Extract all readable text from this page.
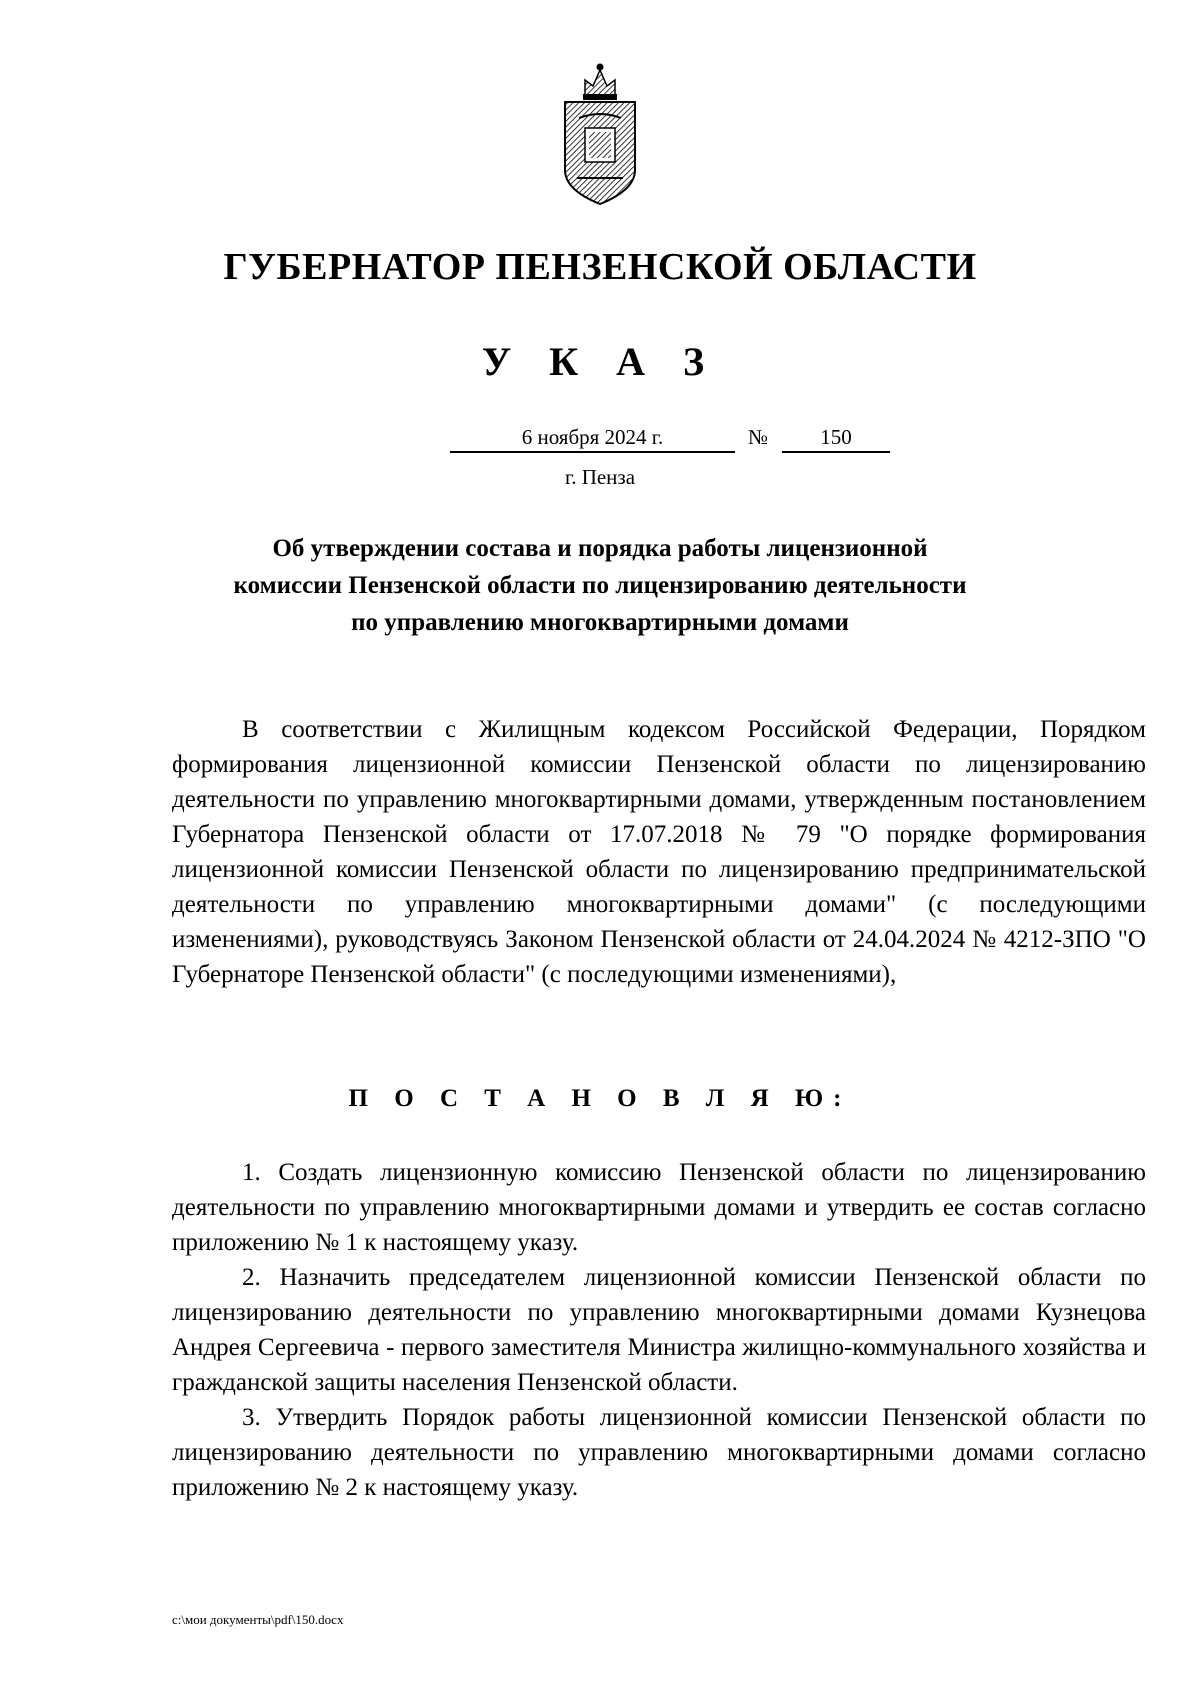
ГУБЕРНАТОР ПЕНЗЕНСКОЙ ОБЛАСТИ
У К А З
6 ноября 2024 г.	№	150
г. Пенза
Об утверждении состава и порядка работы лицензионной
комиссии Пензенской области по лицензированию деятельности
по управлению многоквартирными домами

В соответствии с Жилищным кодексом Российской Федерации, Порядком формирования лицензионной комиссии Пензенской области по лицензированию деятельности по управлению многоквартирными домами, утвержденным постановлением Губернатора Пензенской области от 17.07.2018 № 79 "О порядке формирования лицензионной комиссии Пензенской области по лицензированию предпринимательской деятельности по управлению многоквартирными домами" (с последующими изменениями), руководствуясь Законом Пензенской области от 24.04.2024 № 4212-ЗПО "О Губернаторе Пензенской области" (с последующими изменениями),

П О С Т А Н О В Л Я Ю:

1. Создать лицензионную комиссию Пензенской области по лицензированию деятельности по управлению многоквартирными домами и утвердить ее состав согласно приложению № 1 к настоящему указу.

2. Назначить председателем лицензионной комиссии Пензенской области по лицензированию деятельности по управлению многоквартирными домами Кузнецова Андрея Сергеевича - первого заместителя Министра жилищно-коммунального хозяйства и гражданской защиты населения Пензенской области.

3. Утвердить Порядок работы лицензионной комиссии Пензенской области по лицензированию деятельности по управлению многоквартирными домами согласно приложению № 2 к настоящему указу.

c:\мои документы\pdf\150.docx
